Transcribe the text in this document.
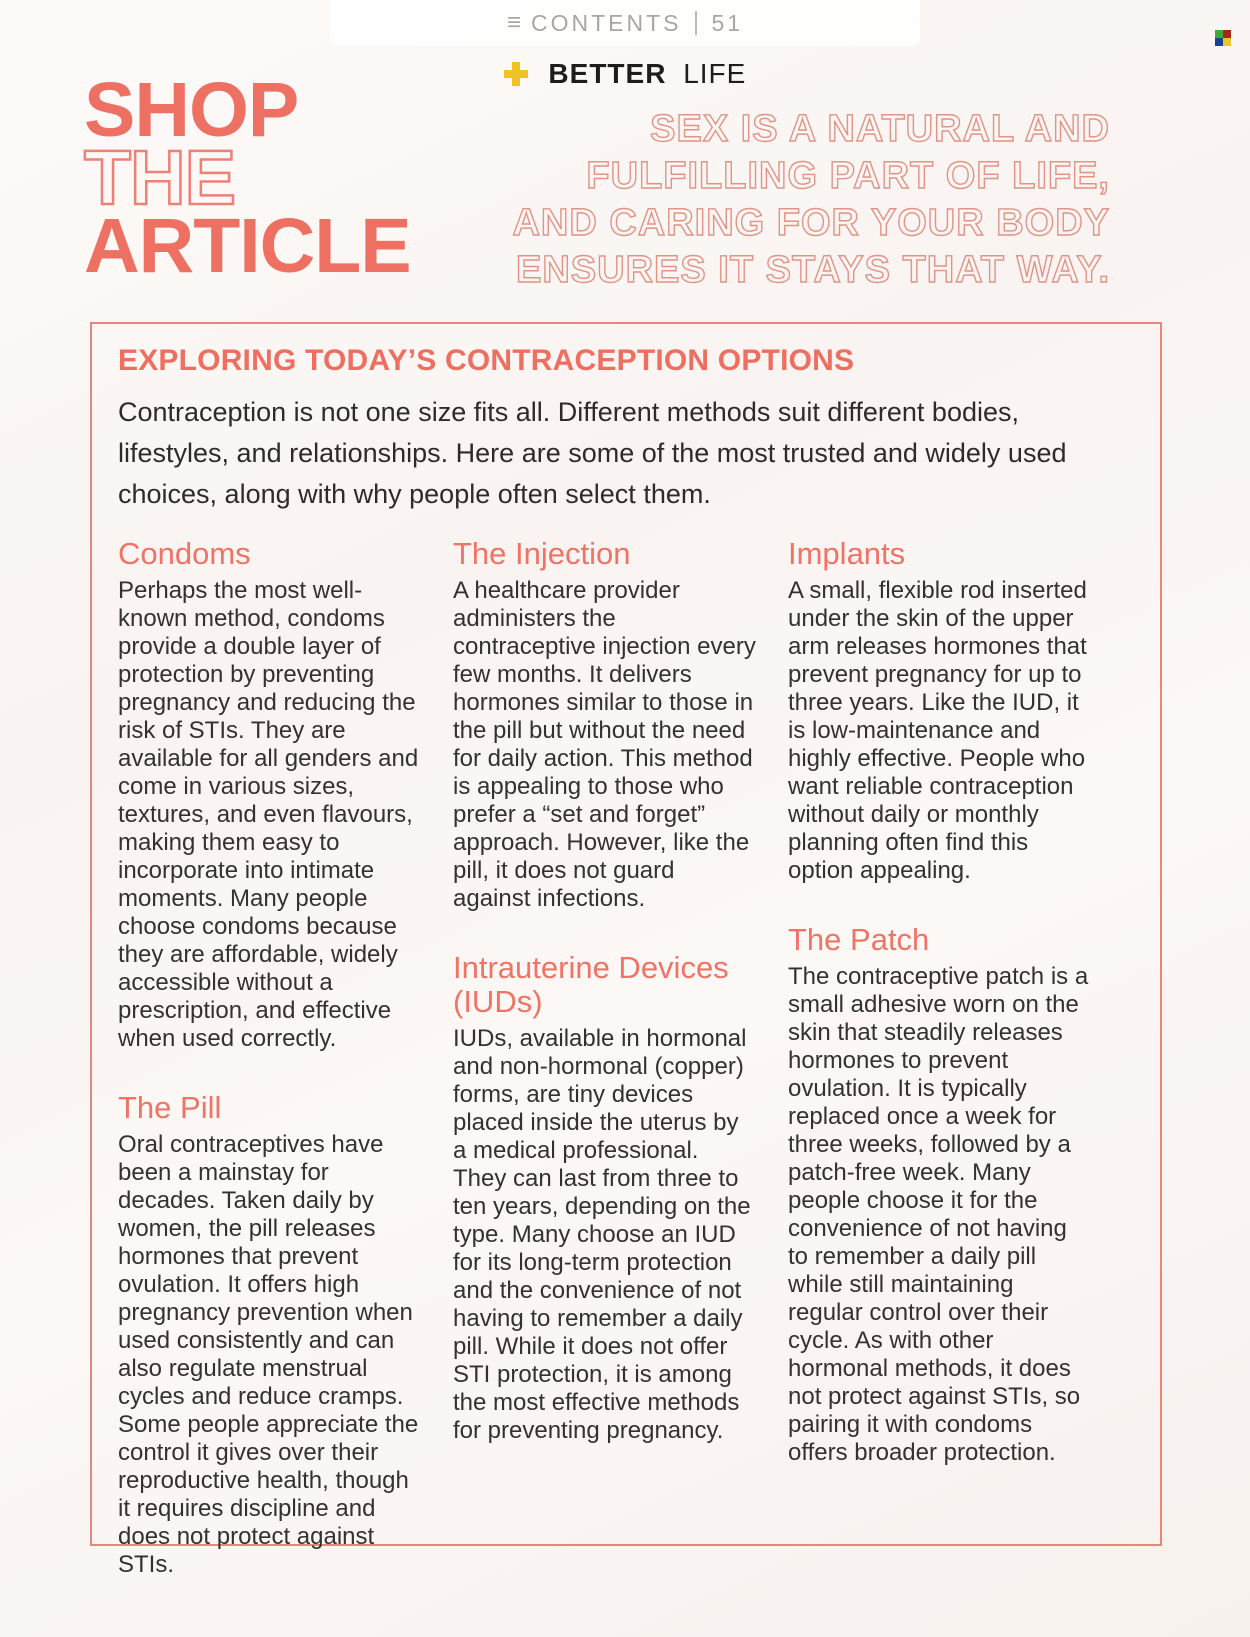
≡ CONTENTS 51
SHOP
THE
ARTICLE
BETTER LIFE
SEX IS A NATURAL AND
FULFILLING PART OF LIFE,
AND CARING FOR YOUR BODY
ENSURES IT STAYS THAT WAY.
EXPLORING TODAY’S CONTRACEPTION OPTIONS

Contraception is not one size fits all. Different methods suit different bodies, lifestyles, and relationships. Here are some of the most trusted and widely used choices, along with why people often select them.

Condoms

Perhaps the most well-known method, condoms provide a double layer of protection by preventing pregnancy and reducing the risk of STIs. They are available for all genders and come in various sizes, textures, and even flavours, making them easy to incorporate into intimate moments. Many people choose condoms because they are affordable, widely accessible without a prescription, and effective when used correctly.

The Pill

Oral contraceptives have been a mainstay for decades. Taken daily by women, the pill releases hormones that prevent ovulation. It offers high pregnancy prevention when used consistently and can also regulate menstrual cycles and reduce cramps. Some people appreciate the control it gives over their reproductive health, though it requires discipline and does not protect against STIs.

The Injection

A healthcare provider administers the contraceptive injection every few months. It delivers hormones similar to those in the pill but without the need for daily action. This method is appealing to those who prefer a “set and forget” approach. However, like the pill, it does not guard against infections.

Intrauterine Devices (IUDs)

IUDs, available in hormonal and non-hormonal (copper) forms, are tiny devices placed inside the uterus by a medical professional. They can last from three to ten years, depending on the type. Many choose an IUD for its long-term protection and the convenience of not having to remember a daily pill. While it does not offer STI protection, it is among the most effective methods for preventing pregnancy.

Implants

A small, flexible rod inserted under the skin of the upper arm releases hormones that prevent pregnancy for up to three years. Like the IUD, it is low-maintenance and highly effective. People who want reliable contraception without daily or monthly planning often find this option appealing.

The Patch

The contraceptive patch is a small adhesive worn on the skin that steadily releases hormones to prevent ovulation. It is typically replaced once a week for three weeks, followed by a patch-free week. Many people choose it for the convenience of not having to remember a daily pill while still maintaining regular control over their cycle. As with other hormonal methods, it does not protect against STIs, so pairing it with condoms offers broader protection.
